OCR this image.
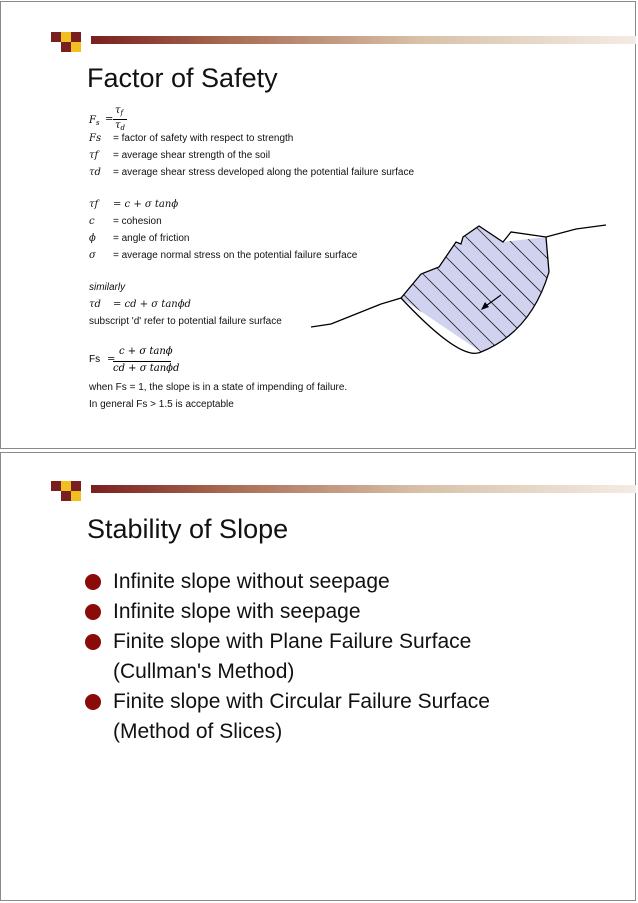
Factor of Safety
$F_s$ =
$\tau_f$
$\tau_d$
Fs = factor of safety with respect to strength
τf = average shear strength of the soil
τd = average shear stress developed along the potential failure surface
τf = c + σ tanϕ
c = cohesion
ϕ = angle of friction
σ = average normal stress on the potential failure surface
similarly
τd = cd + σ tanϕd
subscript 'd' refer to potential failure surface
Fs =
c + σ tanϕ
cd + σ tanϕd
when Fs = 1, the slope is in a state of impending of failure.
In general Fs > 1.5 is acceptable
Stability of Slope
Infinite slope without seepage
Infinite slope with seepage
Finite slope with Plane Failure Surface
(Cullman's Method)
Finite slope with Circular Failure Surface
(Method of Slices)
